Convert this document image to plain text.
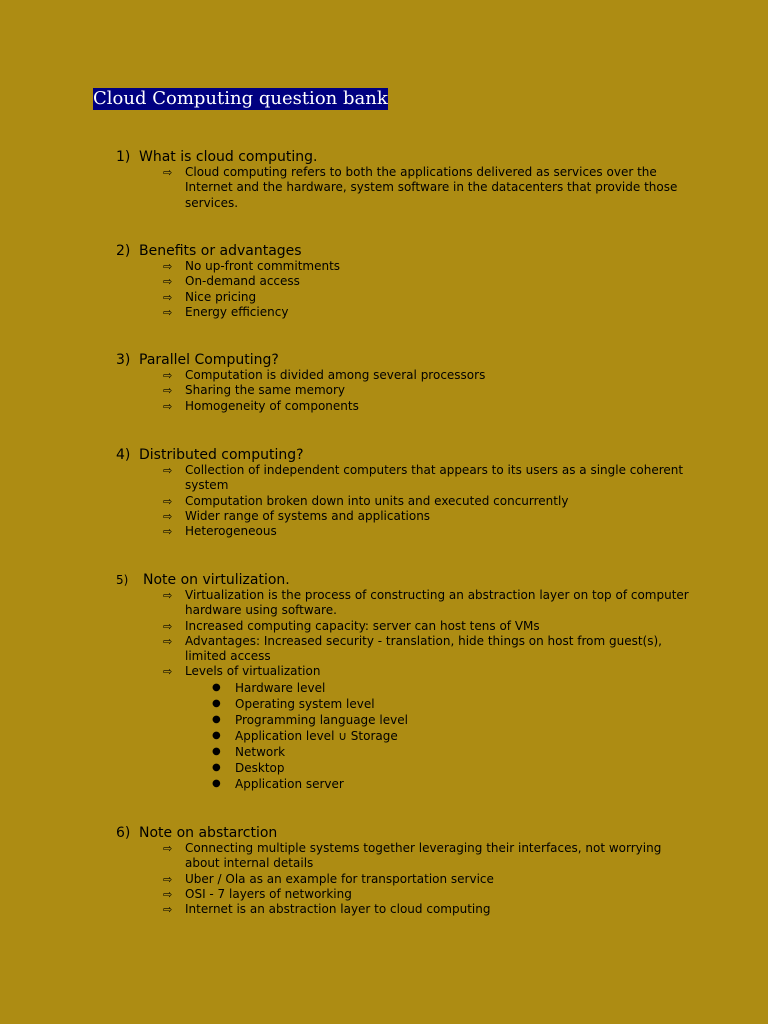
Cloud Computing question bank
1) What is cloud computing.
⇨ Cloud computing refers to both the applications delivered as services over the Internet and the hardware, system software in the datacenters that provide those services.
2) Benefits or advantages
⇨ No up-front commitments
⇨ On-demand access
⇨ Nice pricing
⇨ Energy efficiency
3) Parallel Computing?
⇨ Computation is divided among several processors
⇨ Sharing the same memory
⇨ Homogeneity of components
4) Distributed computing?
⇨ Collection of independent computers that appears to its users as a single coherent system
⇨ Computation broken down into units and executed concurrently
⇨ Wider range of systems and applications
⇨ Heterogeneous
5)	Note on virtulization.
⇨ Virtualization is the process of constructing an abstraction layer on top of computer hardware using software.
⇨ Increased computing capacity: server can host tens of VMs
⇨ Advantages: Increased security - translation, hide things on host from guest(s), limited access
⇨ Levels of virtualization
● Hardware level
● Operating system level
● Programming language level
● Application level ∪ Storage
● Network
● Desktop
● Application server
6) Note on abstarction
⇨ Connecting multiple systems together leveraging their interfaces, not worrying about internal details
⇨ Uber / Ola as an example for transportation service
⇨ OSI - 7 layers of networking
⇨ Internet is an abstraction layer to cloud computing
